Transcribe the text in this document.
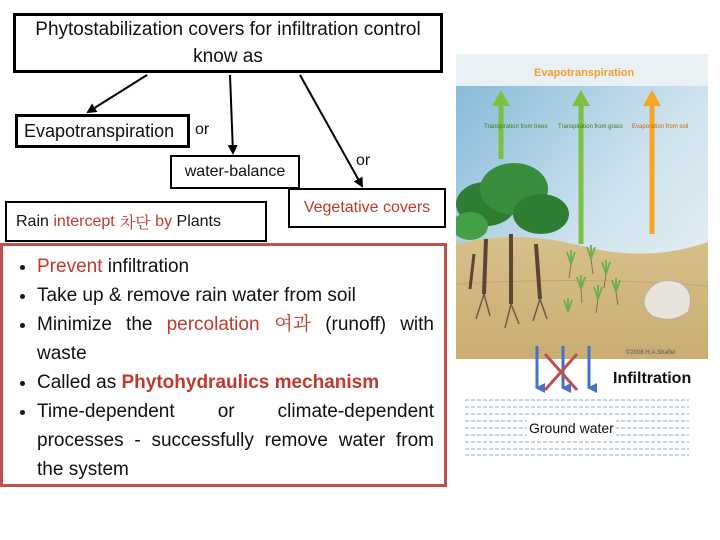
Phytostabilization covers for infiltration control know as
Evapotranspiration or
water-balance
or
Rain intercept 차단 by Plants
Vegetative covers
• Prevent infiltration
• Take up & remove rain water from soil
• Minimize the percolation 여과 (runoff) with waste
• Called as Phytohydraulics mechanism
• Time-dependent or climate-dependent processes - successfully remove water from the system
Evapotranspiration
Transpiration from trees Transpiration from grass Evaporation from soil
©2008 H.A.Shafiei
Infiltration
Ground water
